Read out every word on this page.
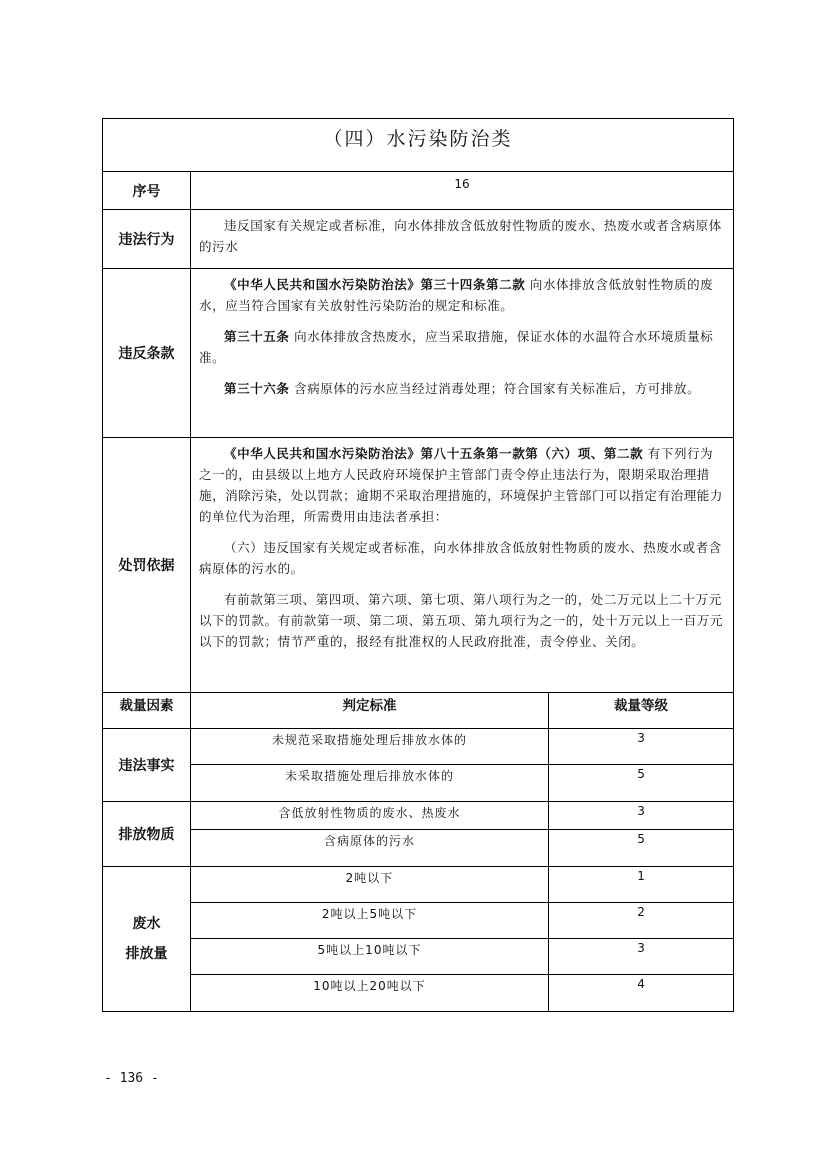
（四）水污染防治类		
序号	16	
违法行为	违反国家有关规定或者标准，向水体排放含低放射性物质的废水、热废水或者含病原体的污水	

违反条款	《中华人民共和国水污染防治法》第三十四条第二款 向水体排放含低放射性物质的废水，应当符合国家有关放射性污染防治的规定和标准。

第三十五条 向水体排放含热废水，应当采取措施，保证水体的水温符合水环境质量标准。

第三十六条 含病原体的污水应当经过消毒处理；符合国家有关标准后，方可排放。	

处罚依据	《中华人民共和国水污染防治法》第八十五条第一款第（六）项、第二款 有下列行为之一的，由县级以上地方人民政府环境保护主管部门责令停止违法行为，限期采取治理措施，消除污染，处以罚款；逾期不采取治理措施的，环境保护主管部门可以指定有治理能力的单位代为治理，所需费用由违法者承担：

（六）违反国家有关规定或者标准，向水体排放含低放射性物质的废水、热废水或者含病原体的污水的。

有前款第三项、第四项、第六项、第七项、第八项行为之一的，处二万元以上二十万元以下的罚款。有前款第一项、第二项、第五项、第九项行为之一的，处十万元以上一百万元以下的罚款；情节严重的，报经有批准权的人民政府批准，责令停业、关闭。	

裁量因素	判定标准	裁量等级
违法事实	未规范采取措施处理后排放水体的	3
	未采取措施处理后排放水体的	5
排放物质	含低放射性物质的废水、热废水	3
	含病原体的污水	5

废水
排放量	2吨以下	1
	2吨以上5吨以下	2
	5吨以上10吨以下	3
	10吨以上20吨以下	4
- 136 -
